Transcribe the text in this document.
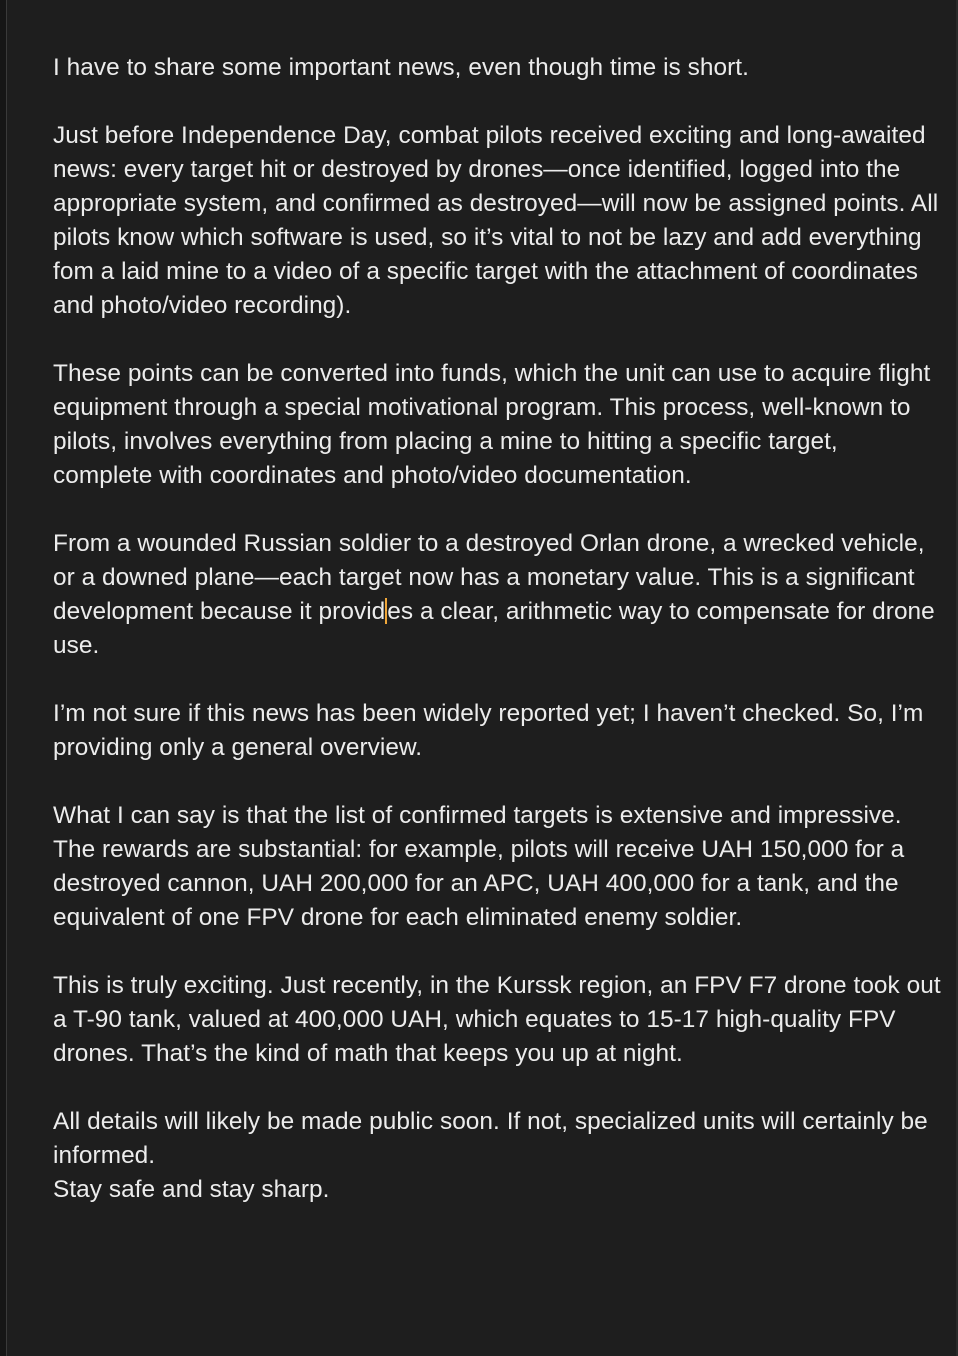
I have to share some important news, even though time is short.

Just before Independence Day, combat pilots received exciting and long-awaited news: every target hit or destroyed by drones—once identified, logged into the appropriate system, and confirmed as destroyed—will now be assigned points. All pilots know which software is used, so it’s vital to not be lazy and add everything fom a laid mine to a video of a specific target with the attachment of coordinates and photo/video recording).

These points can be converted into funds, which the unit can use to acquire flight equipment through a special motivational program. This process, well-known to pilots, involves everything from placing a mine to hitting a specific target, complete with coordinates and photo/video documentation.

From a wounded Russian soldier to a destroyed Orlan drone, a wrecked vehicle, or a downed plane—each target now has a monetary value. This is a significant development because it provides a clear, arithmetic way to compensate for drone use.

I’m not sure if this news has been widely reported yet; I haven’t checked. So, I’m providing only a general overview.

What I can say is that the list of confirmed targets is extensive and impressive. The rewards are substantial: for example, pilots will receive UAH 150,000 for a destroyed cannon, UAH 200,000 for an APC, UAH 400,000 for a tank, and the equivalent of one FPV drone for each eliminated enemy soldier.

This is truly exciting. Just recently, in the Kurssk region, an FPV F7 drone took out a T-90 tank, valued at 400,000 UAH, which equates to 15-17 high-quality FPV drones. That’s the kind of math that keeps you up at night.

All details will likely be made public soon. If not, specialized units will certainly be informed.
Stay safe and stay sharp.
